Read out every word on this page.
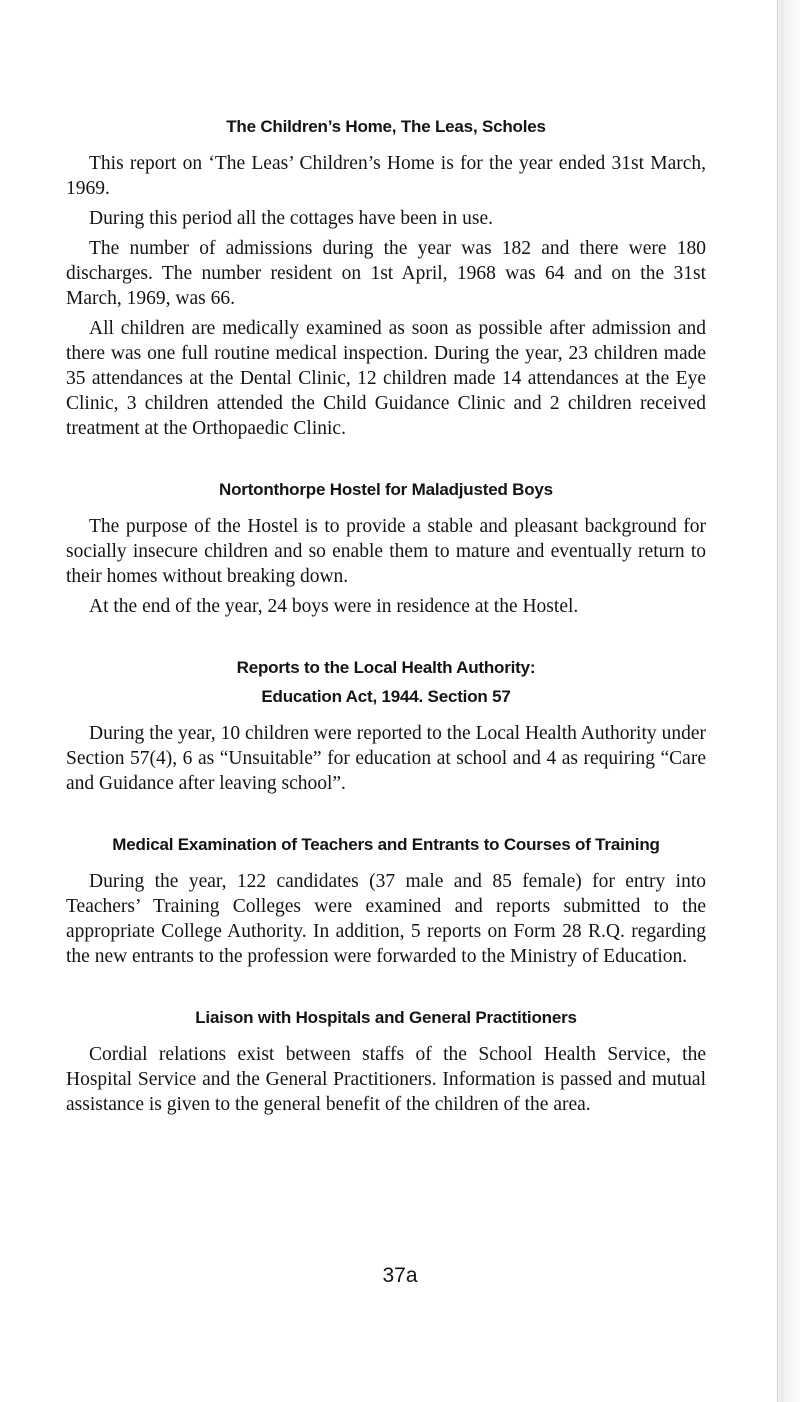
The Children’s Home, The Leas, Scholes

This report on ‘The Leas’ Children’s Home is for the year ended 31st March, 1969.

During this period all the cottages have been in use.

The number of admissions during the year was 182 and there were 180 discharges. The number resident on 1st April, 1968 was 64 and on the 31st March, 1969, was 66.

All children are medically examined as soon as possible after admission and there was one full routine medical inspection. During the year, 23 children made 35 attendances at the Dental Clinic, 12 children made 14 attendances at the Eye Clinic, 3 children attended the Child Guidance Clinic and 2 children received treatment at the Orthopaedic Clinic.

Nortonthorpe Hostel for Maladjusted Boys

The purpose of the Hostel is to provide a stable and pleasant background for socially insecure children and so enable them to mature and eventually return to their homes without breaking down.

At the end of the year, 24 boys were in residence at the Hostel.

Reports to the Local Health Authority:
Education Act, 1944. Section 57

During the year, 10 children were reported to the Local Health Authority under Section 57(4), 6 as “Unsuitable” for education at school and 4 as requiring “Care and Guidance after leaving school”.

Medical Examination of Teachers and Entrants to Courses of Training

During the year, 122 candidates (37 male and 85 female) for entry into Teachers’ Training Colleges were examined and reports submitted to the appropriate College Authority. In addition, 5 reports on Form 28 R.Q. regarding the new entrants to the profession were forwarded to the Ministry of Education.

Liaison with Hospitals and General Practitioners

Cordial relations exist between staffs of the School Health Service, the Hospital Service and the General Practitioners. Information is passed and mutual assistance is given to the general benefit of the children of the area.

37a
